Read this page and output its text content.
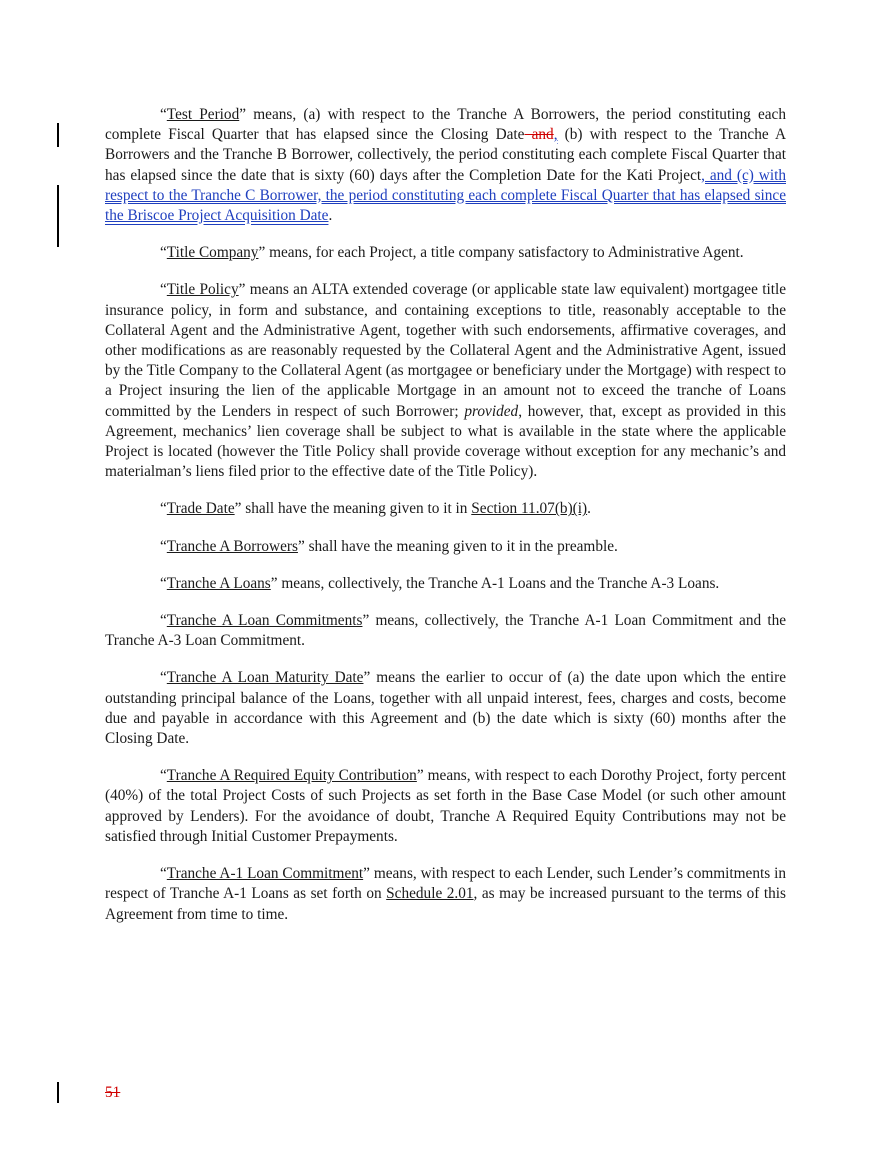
“Test Period” means, (a) with respect to the Tranche A Borrowers, the period constituting each complete Fiscal Quarter that has elapsed since the Closing Date and, (b) with respect to the Tranche A Borrowers and the Tranche B Borrower, collectively, the period constituting each complete Fiscal Quarter that has elapsed since the date that is sixty (60) days after the Completion Date for the Kati Project, and (c) with respect to the Tranche C Borrower, the period constituting each complete Fiscal Quarter that has elapsed since the Briscoe Project Acquisition Date.

“Title Company” means, for each Project, a title company satisfactory to Administrative Agent.

“Title Policy” means an ALTA extended coverage (or applicable state law equivalent) mortgagee title insurance policy, in form and substance, and containing exceptions to title, reasonably acceptable to the Collateral Agent and the Administrative Agent, together with such endorsements, affirmative coverages, and other modifications as are reasonably requested by the Collateral Agent and the Administrative Agent, issued by the Title Company to the Collateral Agent (as mortgagee or beneficiary under the Mortgage) with respect to a Project insuring the lien of the applicable Mortgage in an amount not to exceed the tranche of Loans committed by the Lenders in respect of such Borrower; provided, however, that, except as provided in this Agreement, mechanics’ lien coverage shall be subject to what is available in the state where the applicable Project is located (however the Title Policy shall provide coverage without exception for any mechanic’s and materialman’s liens filed prior to the effective date of the Title Policy).

“Trade Date” shall have the meaning given to it in Section 11.07(b)(i).

“Tranche A Borrowers” shall have the meaning given to it in the preamble.

“Tranche A Loans” means, collectively, the Tranche A-1 Loans and the Tranche A-3 Loans.

“Tranche A Loan Commitments” means, collectively, the Tranche A-1 Loan Commitment and the Tranche A-3 Loan Commitment.

“Tranche A Loan Maturity Date” means the earlier to occur of (a) the date upon which the entire outstanding principal balance of the Loans, together with all unpaid interest, fees, charges and costs, become due and payable in accordance with this Agreement and (b) the date which is sixty (60) months after the Closing Date.

“Tranche A Required Equity Contribution” means, with respect to each Dorothy Project, forty percent (40%) of the total Project Costs of such Projects as set forth in the Base Case Model (or such other amount approved by Lenders). For the avoidance of doubt, Tranche A Required Equity Contributions may not be satisfied through Initial Customer Prepayments.

“Tranche A-1 Loan Commitment” means, with respect to each Lender, such Lender’s commitments in respect of Tranche A-1 Loans as set forth on Schedule 2.01, as may be increased pursuant to the terms of this Agreement from time to time.

51
